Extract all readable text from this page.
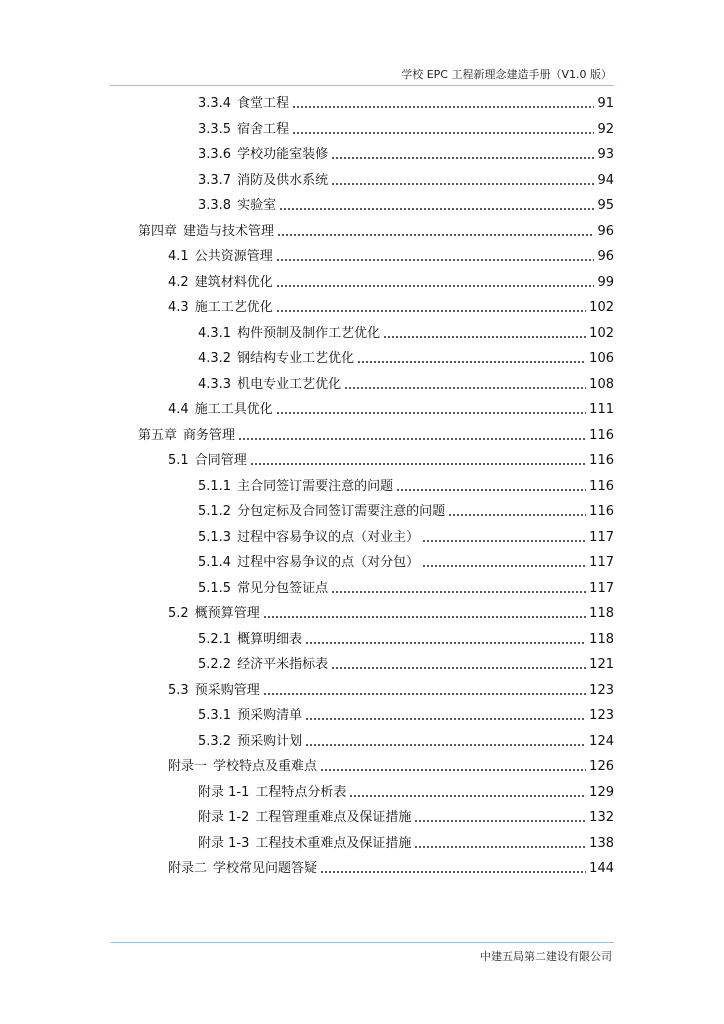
学校 EPC 工程新理念建造手册（V1.0 版）
3.3.4 食堂工程	91
3.3.5 宿舍工程	92
3.3.6 学校功能室装修	93
3.3.7 消防及供水系统	94
3.3.8 实验室	95
第四章 建造与技术管理	96
4.1 公共资源管理	96
4.2 建筑材料优化	99
4.3 施工工艺优化	102
4.3.1 构件预制及制作工艺优化	102
4.3.2 钢结构专业工艺优化	106
4.3.3 机电专业工艺优化	108
4.4 施工工具优化	111
第五章 商务管理	116
5.1 合同管理	116
5.1.1 主合同签订需要注意的问题	116
5.1.2 分包定标及合同签订需要注意的问题	116
5.1.3 过程中容易争议的点（对业主）	117
5.1.4 过程中容易争议的点（对分包）	117
5.1.5 常见分包签证点	117
5.2 概预算管理	118
5.2.1 概算明细表	118
5.2.2 经济平米指标表	121
5.3 预采购管理	123
5.3.1 预采购清单	123
5.3.2 预采购计划	124
附录一 学校特点及重难点	126
附录 1-1 工程特点分析表	129
附录 1-2 工程管理重难点及保证措施	132
附录 1-3 工程技术重难点及保证措施	138
附录二 学校常见问题答疑	144
中建五局第二建设有限公司
